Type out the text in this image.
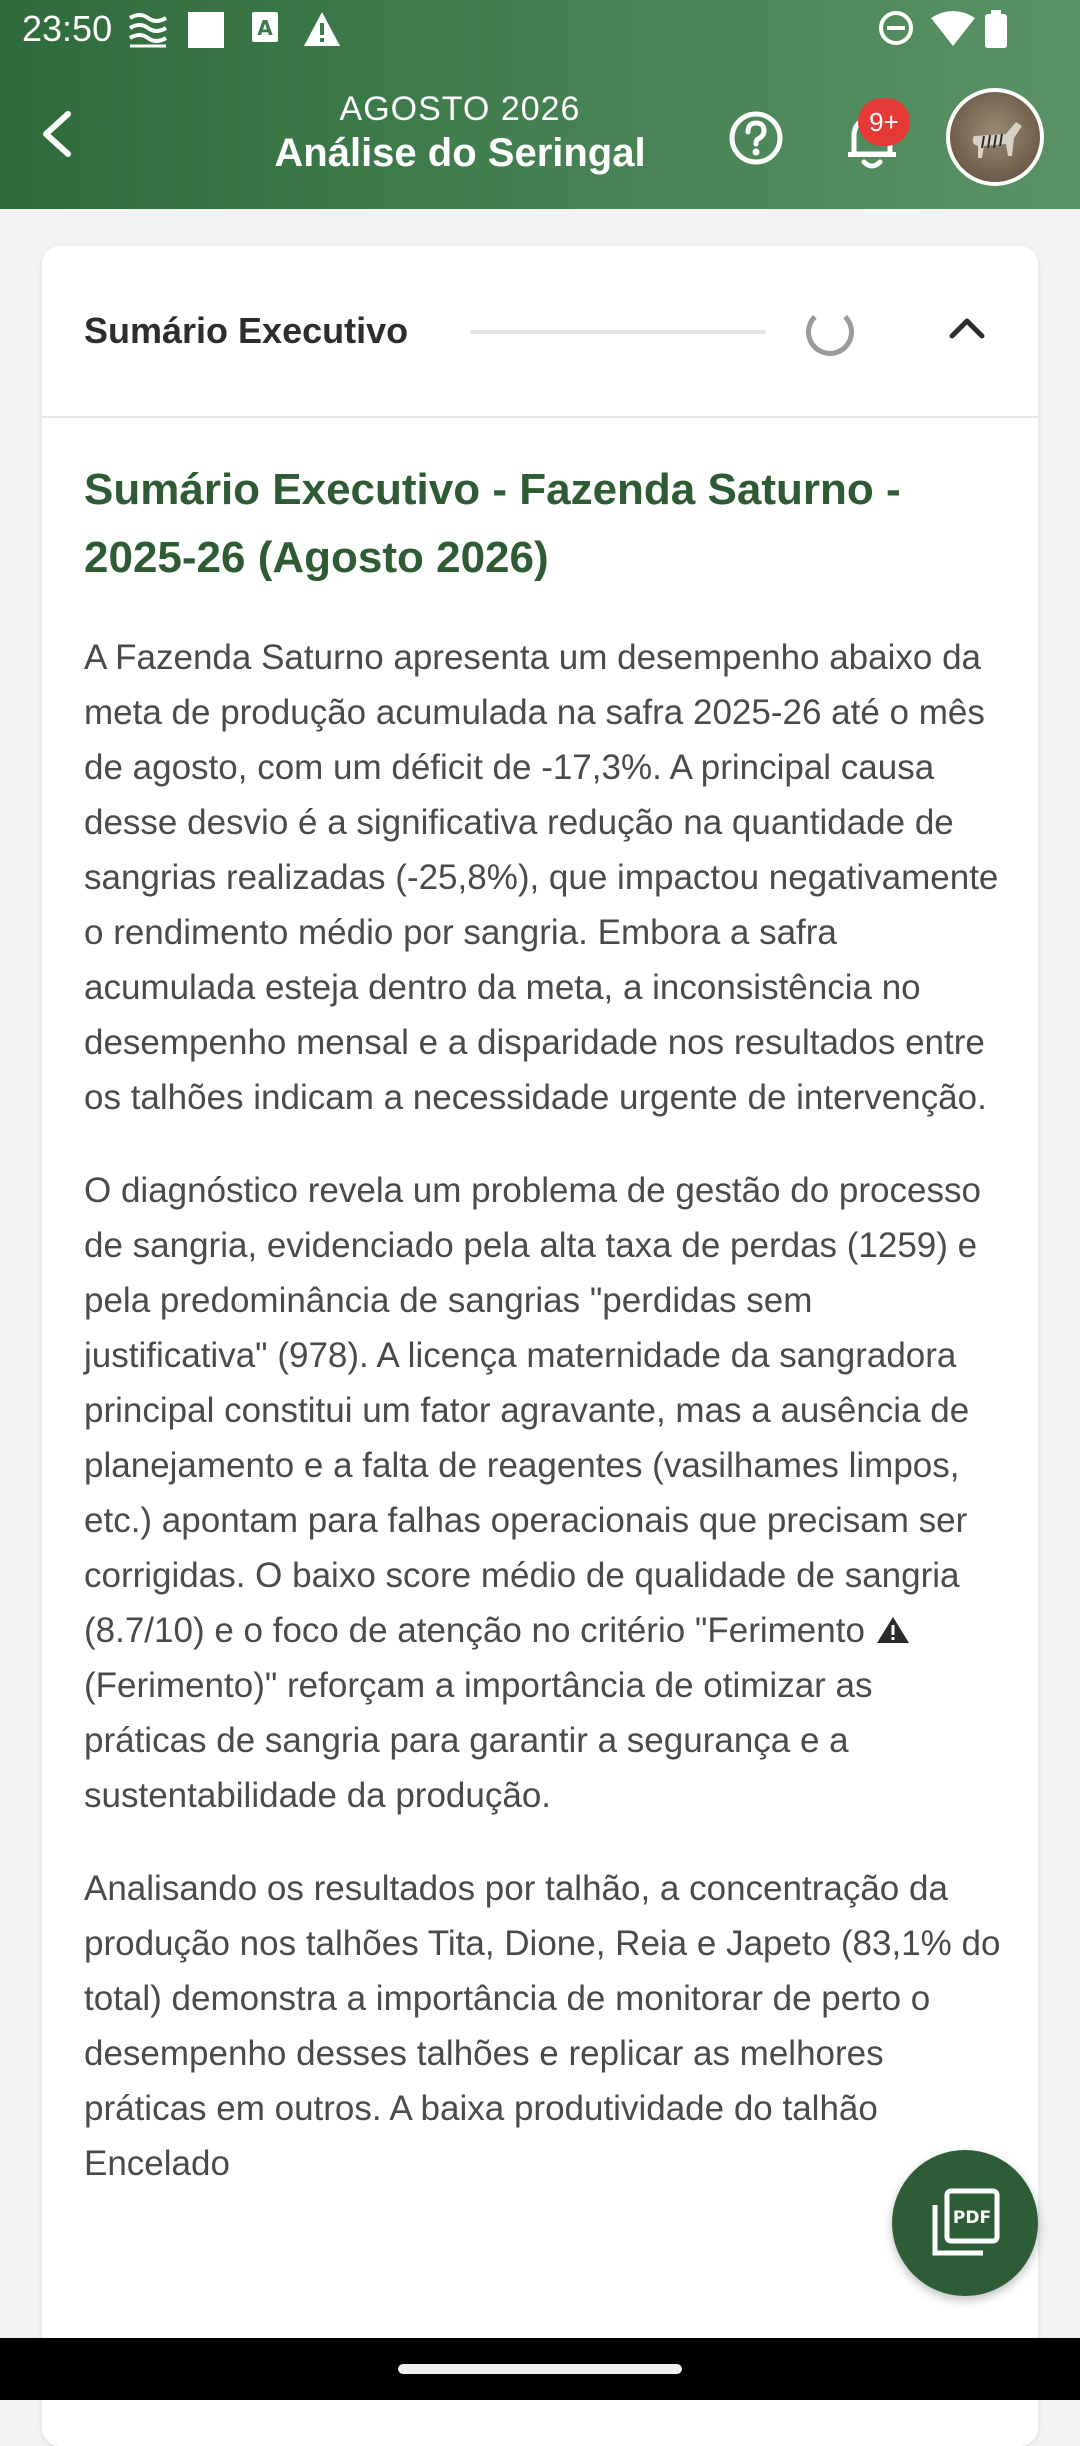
23:50	A
AGOSTO 2026
Análise do Seringal
9+
Sumário Executivo
Sumário Executivo - Fazenda Saturno - 2025-26 (Agosto 2026)

A Fazenda Saturno apresenta um desempenho abaixo da meta de produção acumulada na safra 2025-26 até o mês de agosto, com um déficit de -17,3%. A principal causa desse desvio é a significativa redução na quantidade de sangrias realizadas (-25,8%), que impactou negativamente o rendimento médio por sangria. Embora a safra acumulada esteja dentro da meta, a inconsistência no desempenho mensal e a disparidade nos resultados entre os talhões indicam a necessidade urgente de intervenção.

O diagnóstico revela um problema de gestão do processo de sangria, evidenciado pela alta taxa de perdas (1259) e pela predominância de sangrias "perdidas sem justificativa" (978). A licença maternidade da sangradora principal constitui um fator agravante, mas a ausência de planejamento e a falta de reagentes (vasilhames limpos, etc.) apontam para falhas operacionais que precisam ser corrigidas. O baixo score médio de qualidade de sangria (8.7/10) e o foco de atenção no critério "Ferimento  (Ferimento)" reforçam a importância de otimizar as práticas de sangria para garantir a segurança e a sustentabilidade da produção.

Analisando os resultados por talhão, a concentração da produção nos talhões Tita, Dione, Reia e Japeto (83,1% do total) demonstra a importância de monitorar de perto o desempenho desses talhões e replicar as melhores práticas em outros. A baixa produtividade do talhão Encelado

PDF
